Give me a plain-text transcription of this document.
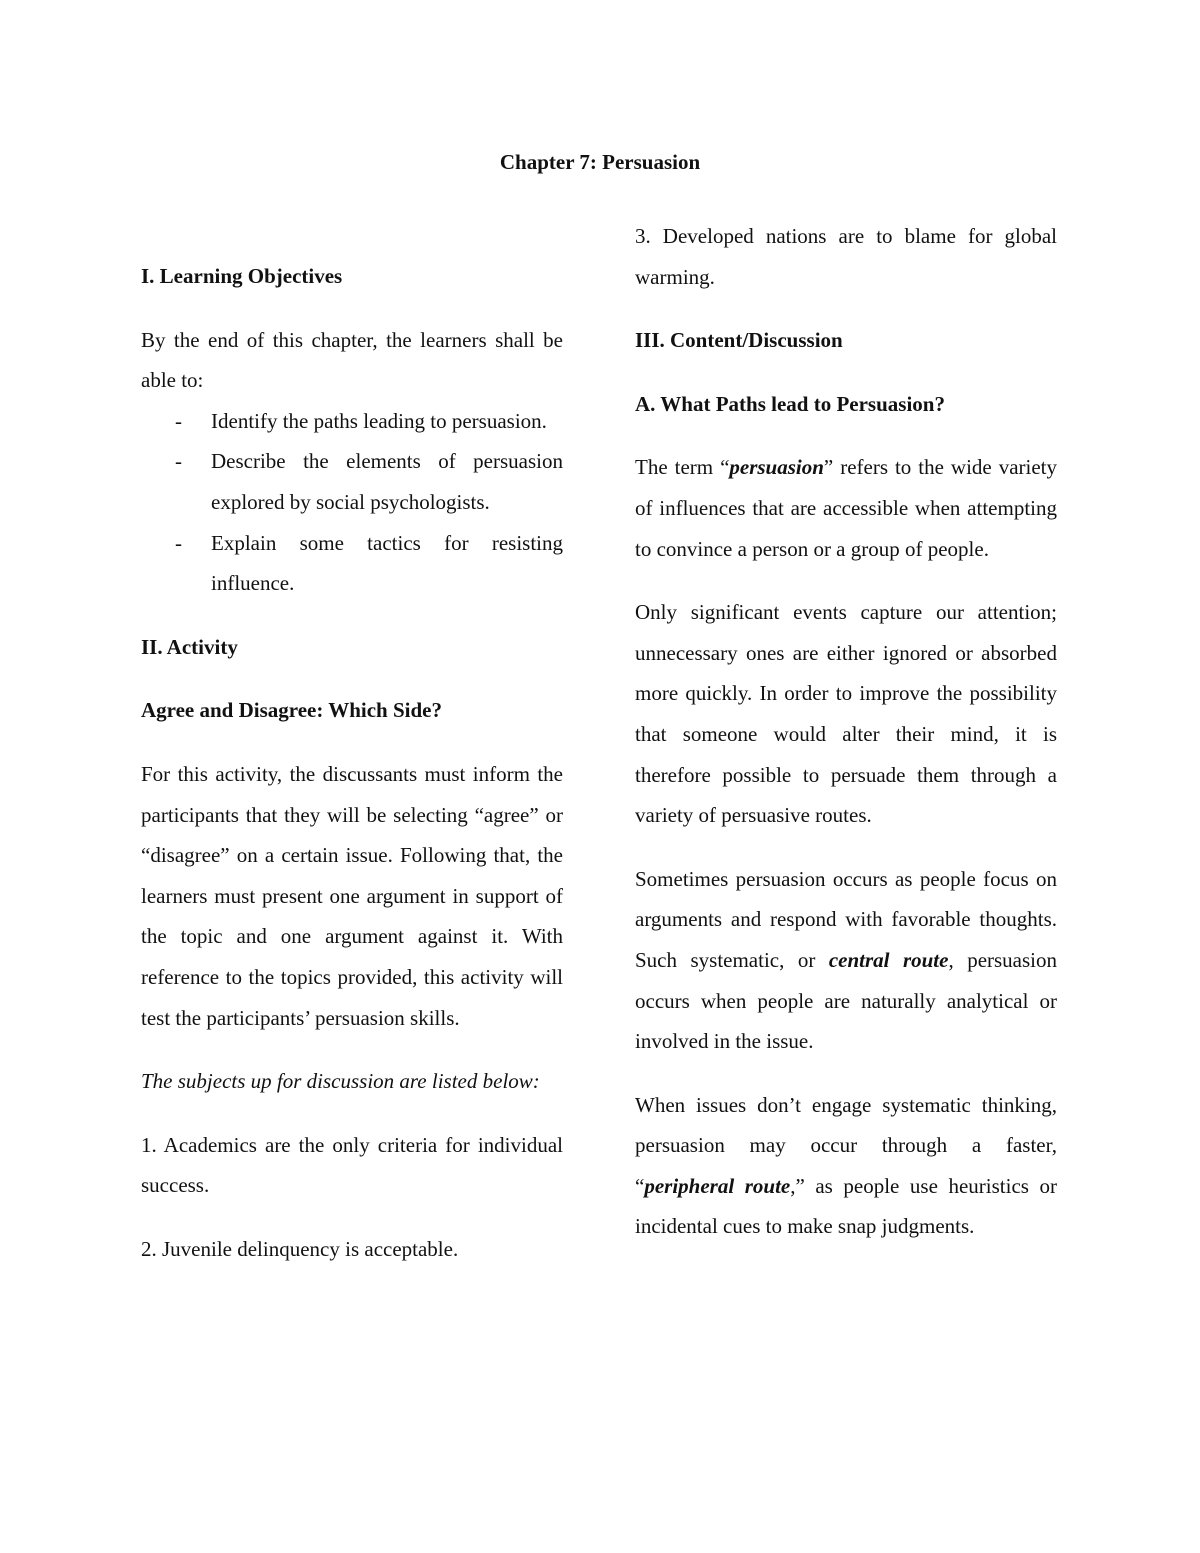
Chapter 7: Persuasion

I. Learning Objectives

By the end of this chapter, the learners shall be able to:

- Identify the paths leading to persuasion.
- Describe the elements of persuasion explored by social psychologists.
- Explain some tactics for resisting influence.

II. Activity

Agree and Disagree: Which Side?

For this activity, the discussants must inform the participants that they will be selecting “agree” or “disagree” on a certain issue. Following that, the learners must present one argument in support of the topic and one argument against it. With reference to the topics provided, this activity will test the participants’ persuasion skills.

The subjects up for discussion are listed below:

1. Academics are the only criteria for individual success.

2. Juvenile delinquency is acceptable.

3. Developed nations are to blame for global warming.

III. Content/Discussion

A. What Paths lead to Persuasion?

The term “persuasion” refers to the wide variety of influences that are accessible when attempting to convince a person or a group of people.

Only significant events capture our attention; unnecessary ones are either ignored or absorbed more quickly. In order to improve the possibility that someone would alter their mind, it is therefore possible to persuade them through a variety of persuasive routes.

Sometimes persuasion occurs as people focus on arguments and respond with favorable thoughts. Such systematic, or central route, persuasion occurs when people are naturally analytical or involved in the issue.

When issues don’t engage systematic thinking, persuasion may occur through a faster, “peripheral route,” as people use heuristics or incidental cues to make snap judgments.
